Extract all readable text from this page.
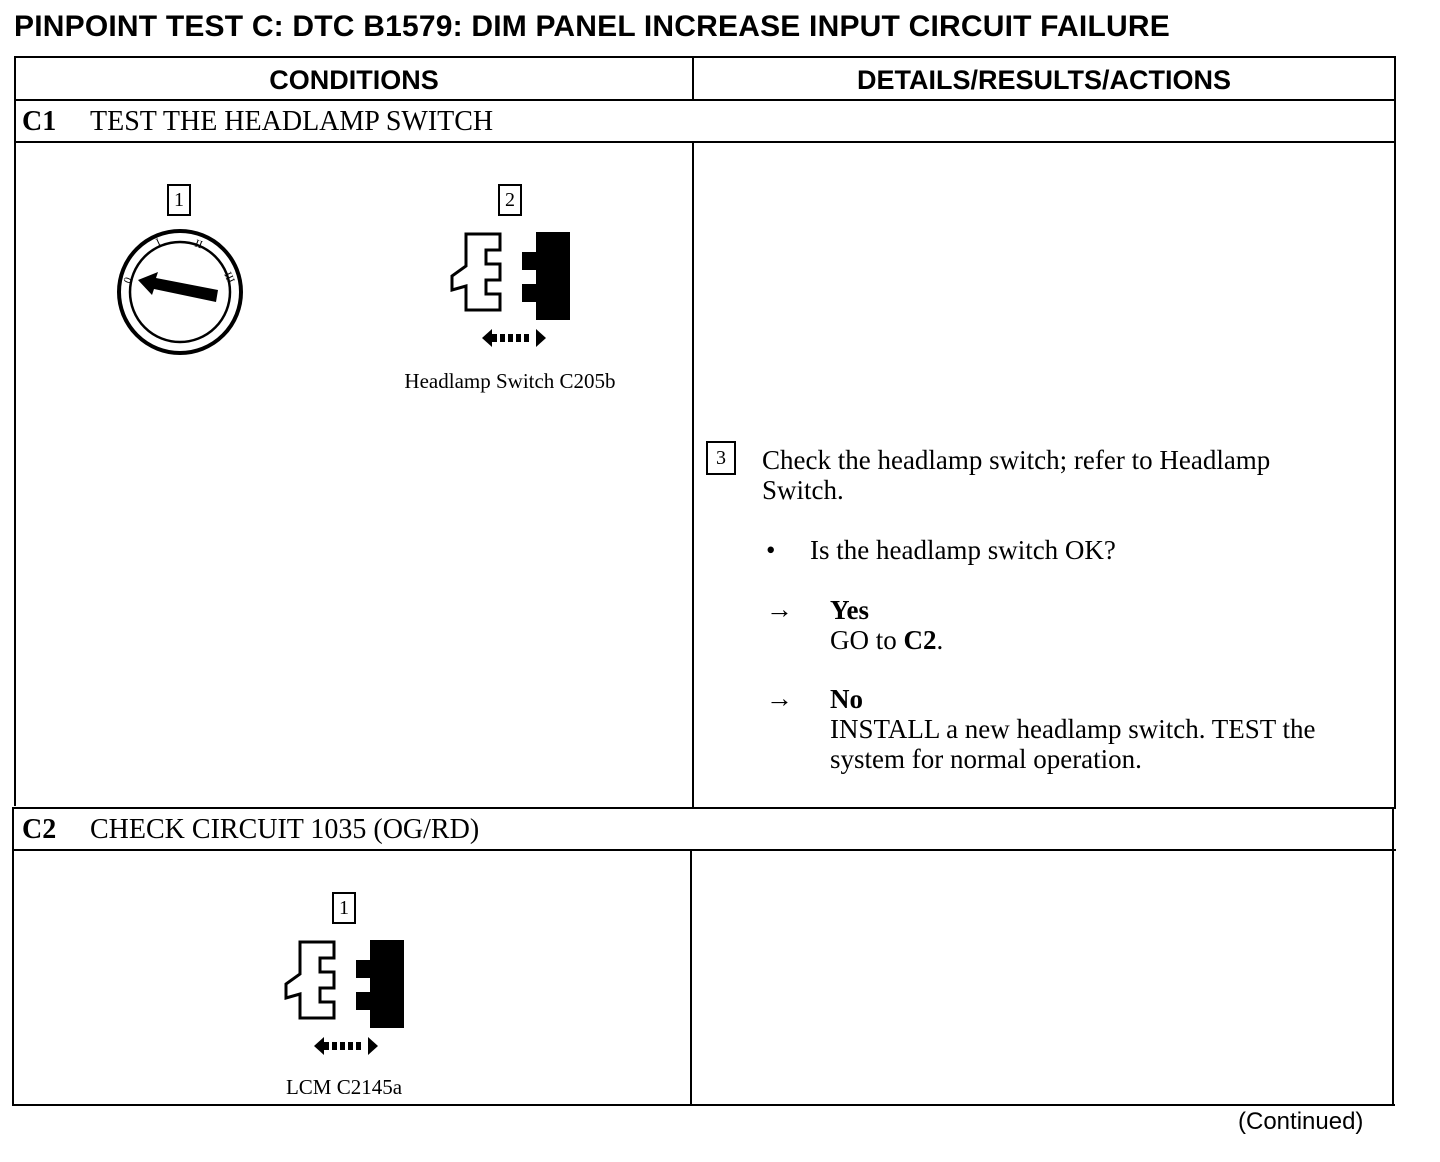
PINPOINT TEST C: DTC B1579: DIM PANEL INCREASE INPUT CIRCUIT FAILURE
CONDITIONS	DETAILS/RESULTS/ACTIONS
C1	TEST THE HEADLAMP SWITCH
1
0
I	II
III
2
Headlamp Switch C205b
3	Check the headlamp switch; refer to Headlamp
Switch.
• Is the headlamp switch OK?
→ Yes
GO to C2.
→ No
INSTALL a new headlamp switch. TEST the
system for normal operation.
C2	CHECK CIRCUIT 1035 (OG/RD)
1
LCM C2145a
(Continued)
